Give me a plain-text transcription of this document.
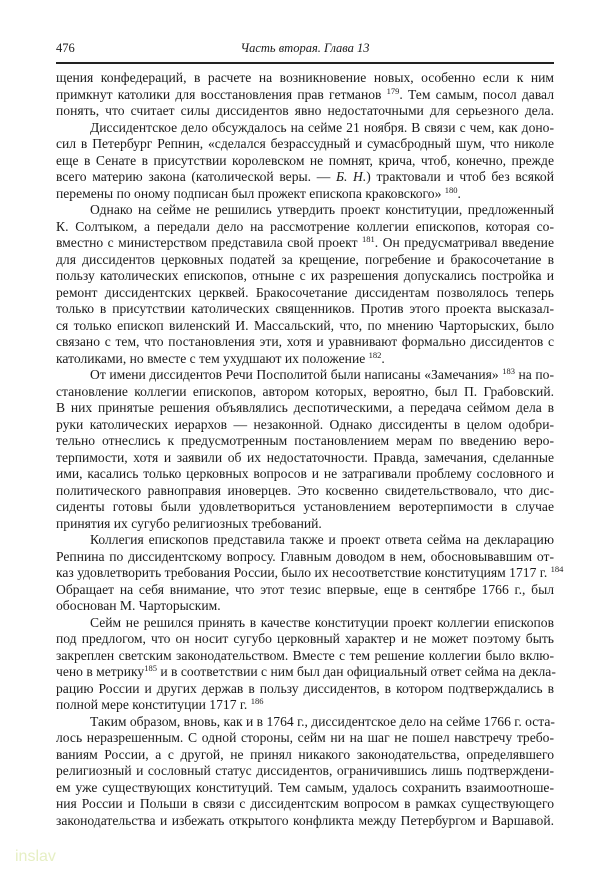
476	Часть вторая. Глава 13
щения конфедераций, в расчете на возникновение новых, особенно если к ним
примкнут католики для восстановления прав гетманов $^{179}$. Тем самым, посол давал
понять, что считает силы диссидентов явно недостаточными для серьезного дела.
Диссидентское дело обсуждалось на сейме 21 ноября. В связи с чем, как доно-
сил в Петербург Репнин, «сделался безрассудный и сумасбродный шум, что николе
еще в Сенате в присутствии королевском не помнят, крича, чтоб, конечно, прежде
всего материю закона (католической веры. — Б. Н.) трактовали и чтоб без всякой
перемены по оному подписан был прожект епископа краковского» $^{180}$.
Однако на сейме не решились утвердить проект конституции, предложенный
К. Солтыком, а передали дело на рассмотрение коллегии епископов, которая со-
вместно с министерством представила свой проект $^{181}$. Он предусматривал введение
для диссидентов церковных податей за крещение, погребение и бракосочетание в
пользу католических епископов, отныне с их разрешения допускались постройка и
ремонт диссидентских церквей. Бракосочетание диссидентам позволялось теперь
только в присутствии католических священников. Против этого проекта высказал-
ся только епископ виленский И. Массальский, что, по мнению Чарторыских, было
связано с тем, что постановления эти, хотя и уравнивают формально диссидентов с
католиками, но вместе с тем ухудшают их положение $^{182}$.
От имени диссидентов Речи Посполитой были написаны «Замечания» $^{183}$ на по-
становление коллегии епископов, автором которых, вероятно, был П. Грабовский.
В них принятые решения объявлялись деспотическими, а передача сеймом дела в
руки католических иерархов — незаконной. Однако диссиденты в целом одобри-
тельно отнеслись к предусмотренным постановлением мерам по введению веро-
терпимости, хотя и заявили об их недостаточности. Правда, замечания, сделанные
ими, касались только церковных вопросов и не затрагивали проблему сословного и
политического равноправия иноверцев. Это косвенно свидетельствовало, что дис-
сиденты готовы были удовлетвориться установлением веротерпимости в случае
принятия их сугубо религиозных требований.
Коллегия епископов представила также и проект ответа сейма на декларацию
Репнина по диссидентскому вопросу. Главным доводом в нем, обосновывавшим от-
каз удовлетворить требования России, было их несоответствие конституциям 1717 г. $^{184}$
Обращает на себя внимание, что этот тезис впервые, еще в сентябре 1766 г., был
обоснован М. Чарторыским.
Сейм не решился принять в качестве конституции проект коллегии епископов
под предлогом, что он носит сугубо церковный характер и не может поэтому быть
закреплен светским законодательством. Вместе с тем решение коллегии было вклю-
чено в метрику$^{185}$ и в соответствии с ним был дан официальный ответ сейма на декла-
рацию России и других держав в пользу диссидентов, в котором подтверждались в
полной мере конституции 1717 г. $^{186}$
Таким образом, вновь, как и в 1764 г., диссидентское дело на сейме 1766 г. оста-
лось неразрешенным. С одной стороны, сейм ни на шаг не пошел навстречу требо-
ваниям России, а с другой, не принял никакого законодательства, определявшего
религиозный и сословный статус диссидентов, ограничившись лишь подтверждени-
ем уже существующих конституций. Тем самым, удалось сохранить взаимоотноше-
ния России и Польши в связи с диссидентским вопросом в рамках существующего
законодательства и избежать открытого конфликта между Петербургом и Варшавой.
inslav
